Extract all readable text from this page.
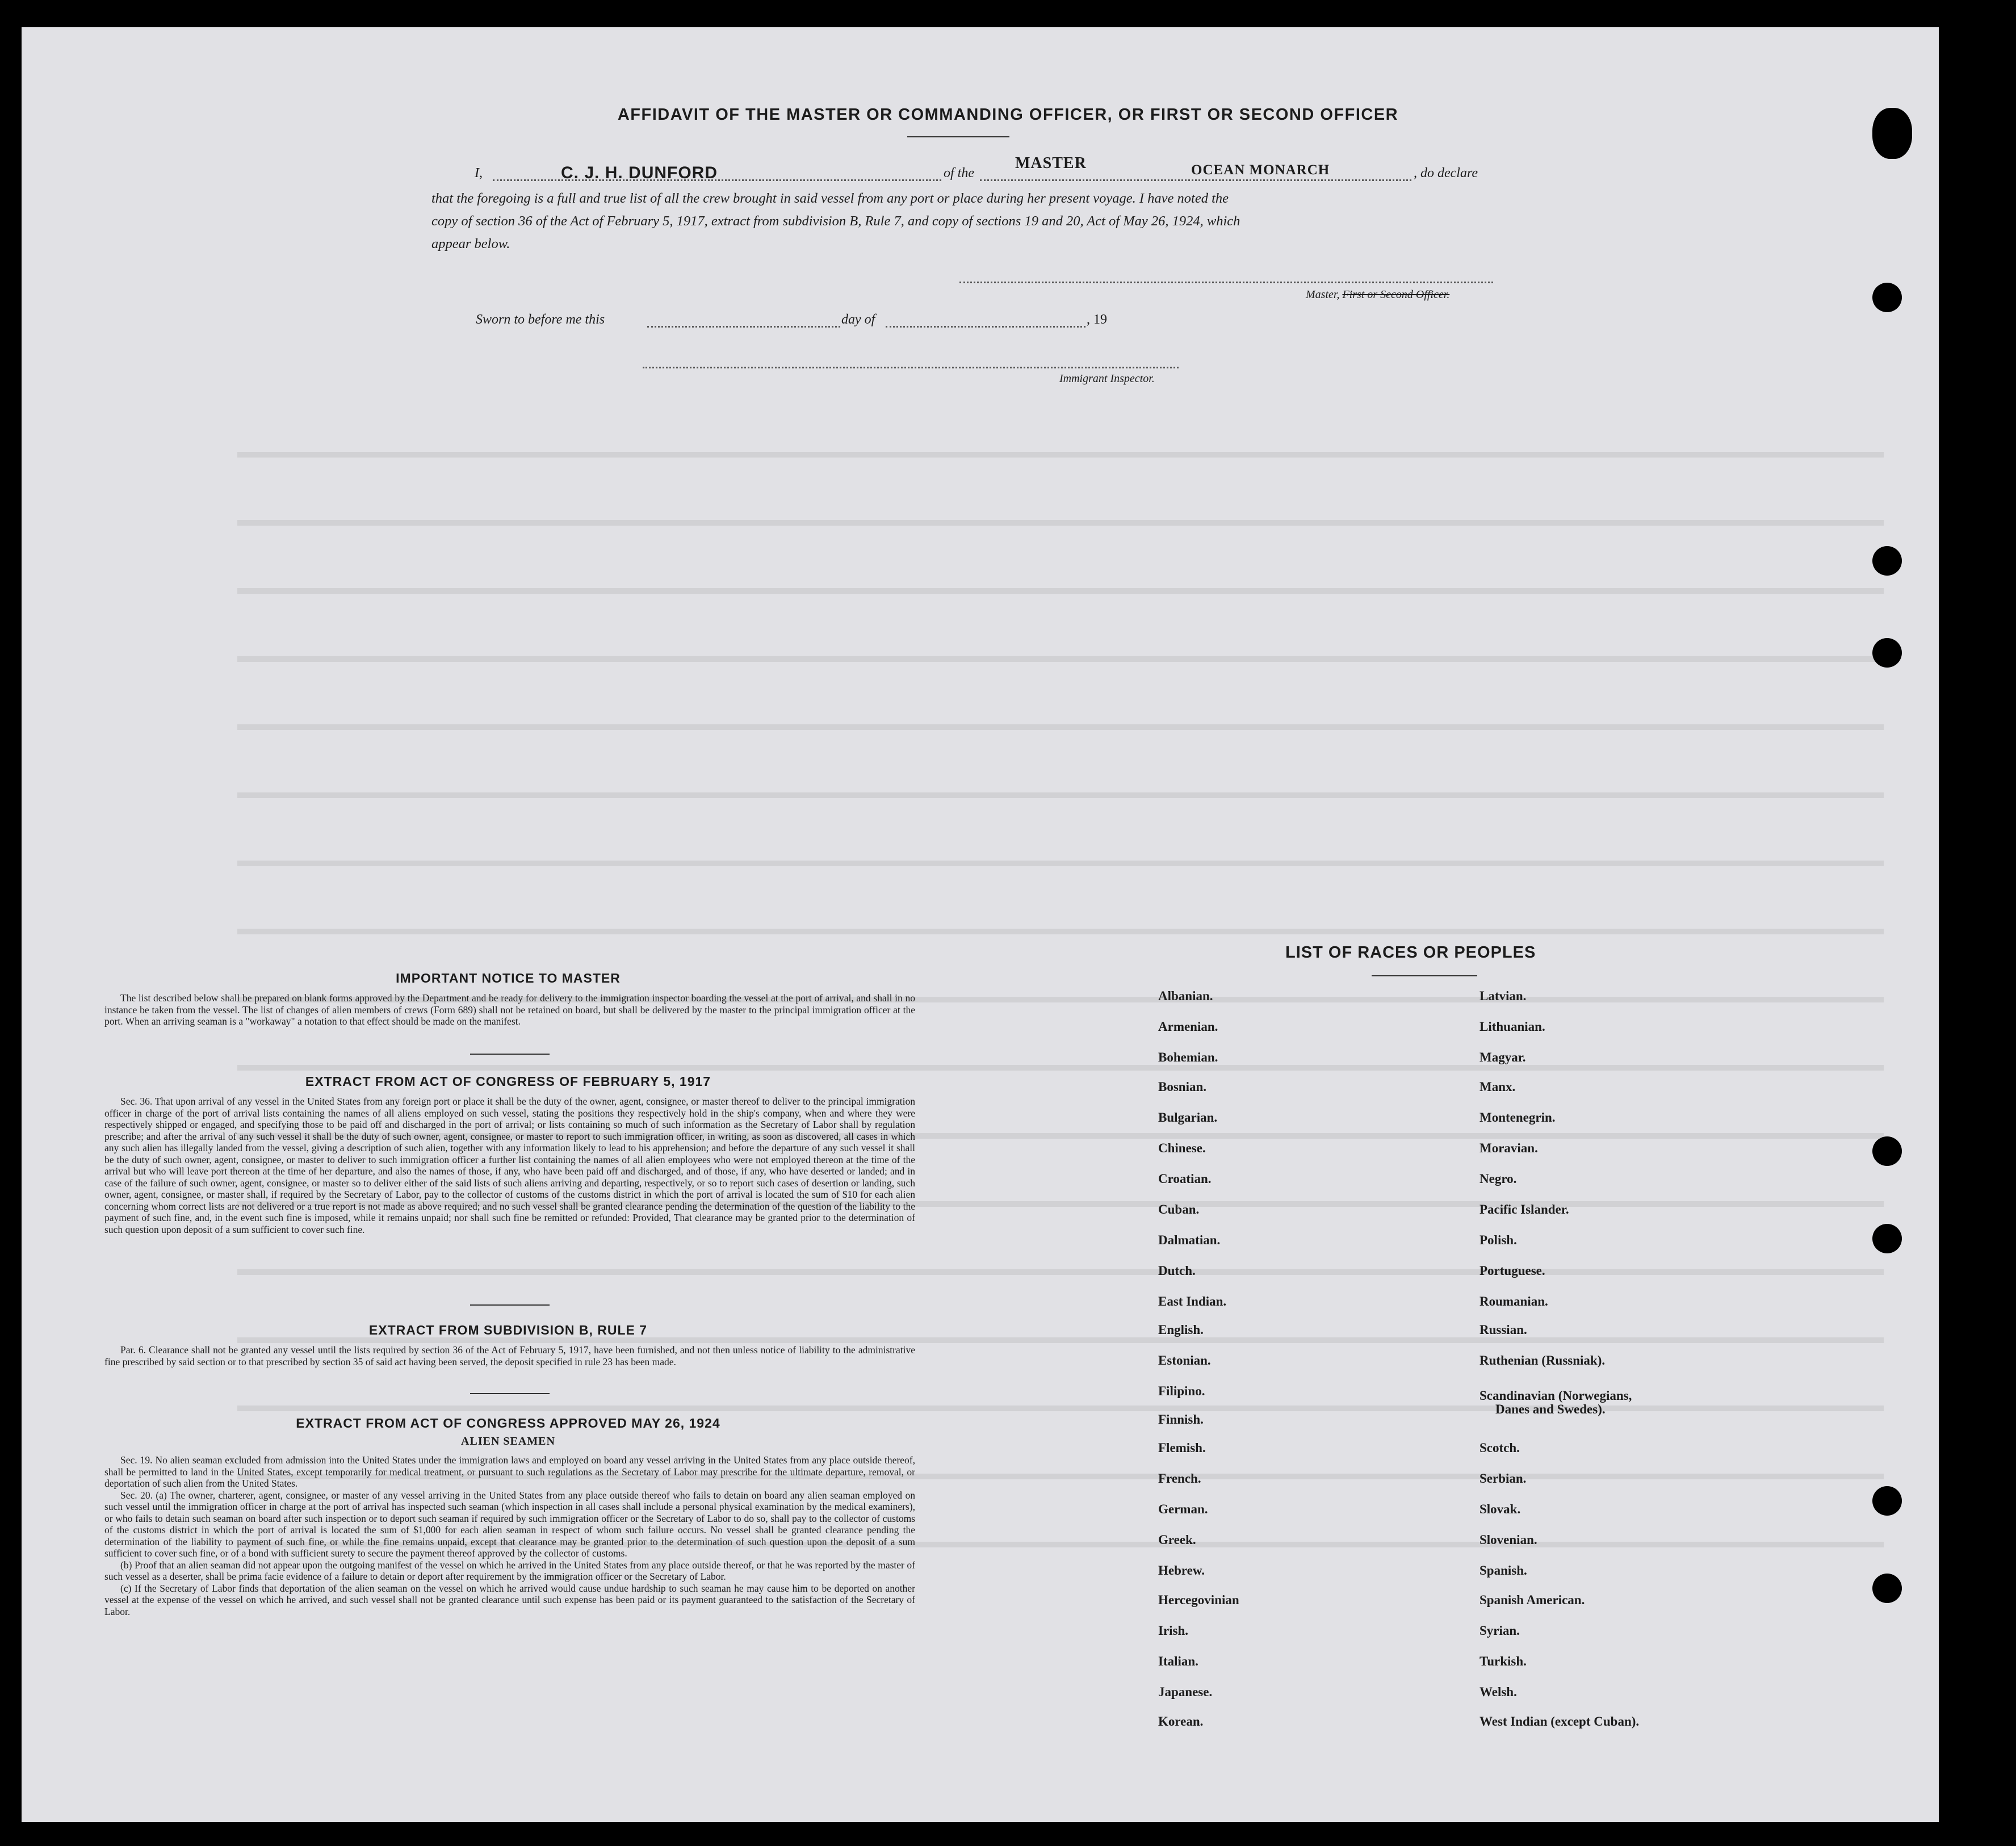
AFFIDAVIT OF THE MASTER OR COMMANDING OFFICER, OR FIRST OR SECOND OFFICER
I,	C. J. H. DUNFORD	of the
MASTER	OCEAN MONARCH	, do declare
that the foregoing is a full and true list of all the crew brought in said vessel from any port or place during her present voyage. I have noted the
copy of section 36 of the Act of February 5, 1917, extract from subdivision B, Rule 7, and copy of sections 19 and 20, Act of May 26, 1924, which
appear below.
Master, First or Second Officer.
Sworn to before me this	day of	, 19
Immigrant Inspector.
IMPORTANT NOTICE TO MASTER

The list described below shall be prepared on blank forms approved by the Department and be ready for delivery to the immigration inspector boarding the vessel at the port of arrival, and shall in no instance be taken from the vessel. The list of changes of alien members of crews (Form 689) shall not be retained on board, but shall be delivered by the master to the principal immigration officer at the port. When an arriving seaman is a "workaway" a notation to that effect should be made on the manifest.

EXTRACT FROM ACT OF CONGRESS OF FEBRUARY 5, 1917

Sec. 36. That upon arrival of any vessel in the United States from any foreign port or place it shall be the duty of the owner, agent, consignee, or master thereof to deliver to the principal immigration officer in charge of the port of arrival lists containing the names of all aliens employed on such vessel, stating the positions they respectively hold in the ship's company, when and where they were respectively shipped or engaged, and specifying those to be paid off and discharged in the port of arrival; or lists containing so much of such information as the Secretary of Labor shall by regulation prescribe; and after the arrival of any such vessel it shall be the duty of such owner, agent, consignee, or master to report to such immigration officer, in writing, as soon as discovered, all cases in which any such alien has illegally landed from the vessel, giving a description of such alien, together with any information likely to lead to his apprehension; and before the departure of any such vessel it shall be the duty of such owner, agent, consignee, or master to deliver to such immigration officer a further list containing the names of all alien employees who were not employed thereon at the time of the arrival but who will leave port thereon at the time of her departure, and also the names of those, if any, who have been paid off and discharged, and of those, if any, who have deserted or landed; and in case of the failure of such owner, agent, consignee, or master so to deliver either of the said lists of such aliens arriving and departing, respectively, or so to report such cases of desertion or landing, such owner, agent, consignee, or master shall, if required by the Secretary of Labor, pay to the collector of customs of the customs district in which the port of arrival is located the sum of $10 for each alien concerning whom correct lists are not delivered or a true report is not made as above required; and no such vessel shall be granted clearance pending the determination of the question of the liability to the payment of such fine, and, in the event such fine is imposed, while it remains unpaid; nor shall such fine be remitted or refunded: Provided, That clearance may be granted prior to the determination of such question upon deposit of a sum sufficient to cover such fine.

EXTRACT FROM SUBDIVISION B, RULE 7

Par. 6. Clearance shall not be granted any vessel until the lists required by section 36 of the Act of February 5, 1917, have been furnished, and not then unless notice of liability to the administrative fine prescribed by said section or to that prescribed by section 35 of said act having been served, the deposit specified in rule 23 has been made.

EXTRACT FROM ACT OF CONGRESS APPROVED MAY 26, 1924
ALIEN SEAMEN

Sec. 19. No alien seaman excluded from admission into the United States under the immigration laws and employed on board any vessel arriving in the United States from any place outside thereof, shall be permitted to land in the United States, except temporarily for medical treatment, or pursuant to such regulations as the Secretary of Labor may prescribe for the ultimate departure, removal, or deportation of such alien from the United States.

Sec. 20. (a) The owner, charterer, agent, consignee, or master of any vessel arriving in the United States from any place outside thereof who fails to detain on board any alien seaman employed on such vessel until the immigration officer in charge at the port of arrival has inspected such seaman (which inspection in all cases shall include a personal physical examination by the medical examiners), or who fails to detain such seaman on board after such inspection or to deport such seaman if required by such immigration officer or the Secretary of Labor to do so, shall pay to the collector of customs of the customs district in which the port of arrival is located the sum of $1,000 for each alien seaman in respect of whom such failure occurs. No vessel shall be granted clearance pending the determination of the liability to payment of such fine, or while the fine remains unpaid, except that clearance may be granted prior to the determination of such question upon the deposit of a sum sufficient to cover such fine, or of a bond with sufficient surety to secure the payment thereof approved by the collector of customs.

(b) Proof that an alien seaman did not appear upon the outgoing manifest of the vessel on which he arrived in the United States from any place outside thereof, or that he was reported by the master of such vessel as a deserter, shall be prima facie evidence of a failure to detain or deport after requirement by the immigration officer or the Secretary of Labor.

(c) If the Secretary of Labor finds that deportation of the alien seaman on the vessel on which he arrived would cause undue hardship to such seaman he may cause him to be deported on another vessel at the expense of the vessel on which he arrived, and such vessel shall not be granted clearance until such expense has been paid or its payment guaranteed to the satisfaction of the Secretary of Labor.

LIST OF RACES OR PEOPLES
Albanian.
Armenian.
Bohemian.
Bosnian.
Bulgarian.
Chinese.
Croatian.
Cuban.
Dalmatian.
Dutch.
East Indian.
English.
Estonian.
Filipino.
Finnish.
Flemish.
French.
German.
Greek.
Hebrew.
Hercegovinian
Irish.
Italian.
Japanese.
Korean.
Latvian.
Lithuanian.
Magyar.
Manx.
Montenegrin.
Moravian.
Negro.
Pacific Islander.
Polish.
Portuguese.
Roumanian.
Russian.
Ruthenian (Russniak).
Scandinavian (Norwegians,
Danes and Swedes).
Scotch.
Serbian.
Slovak.
Slovenian.
Spanish.
Spanish American.
Syrian.
Turkish.
Welsh.
West Indian (except Cuban).
